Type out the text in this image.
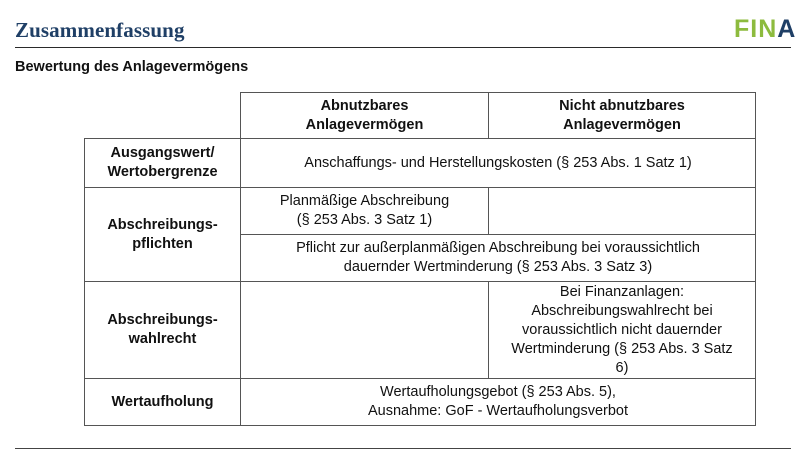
Zusammenfassung	FINA
Bewertung des Anlagevermögens
Abnutzbares
Anlagevermögen
Nicht abnutzbares
Anlagevermögen
Ausgangswert/
Wertobergrenze
Anschaffungs- und Herstellungskosten (§ 253 Abs. 1 Satz 1)
Abschreibungs-
pflichten
Planmäßige Abschreibung
(§ 253 Abs. 3 Satz 1)
Pflicht zur außerplanmäßigen Abschreibung bei voraussichtlich
dauernder Wertminderung (§ 253 Abs. 3 Satz 3)
Abschreibungs-
wahlrecht
Bei Finanzanlagen:
Abschreibungswahlrecht bei
voraussichtlich nicht dauernder
Wertminderung (§ 253 Abs. 3 Satz
6)
Wertaufholung
Wertaufholungsgebot (§ 253 Abs. 5),
Ausnahme: GoF - Wertaufholungsverbot
